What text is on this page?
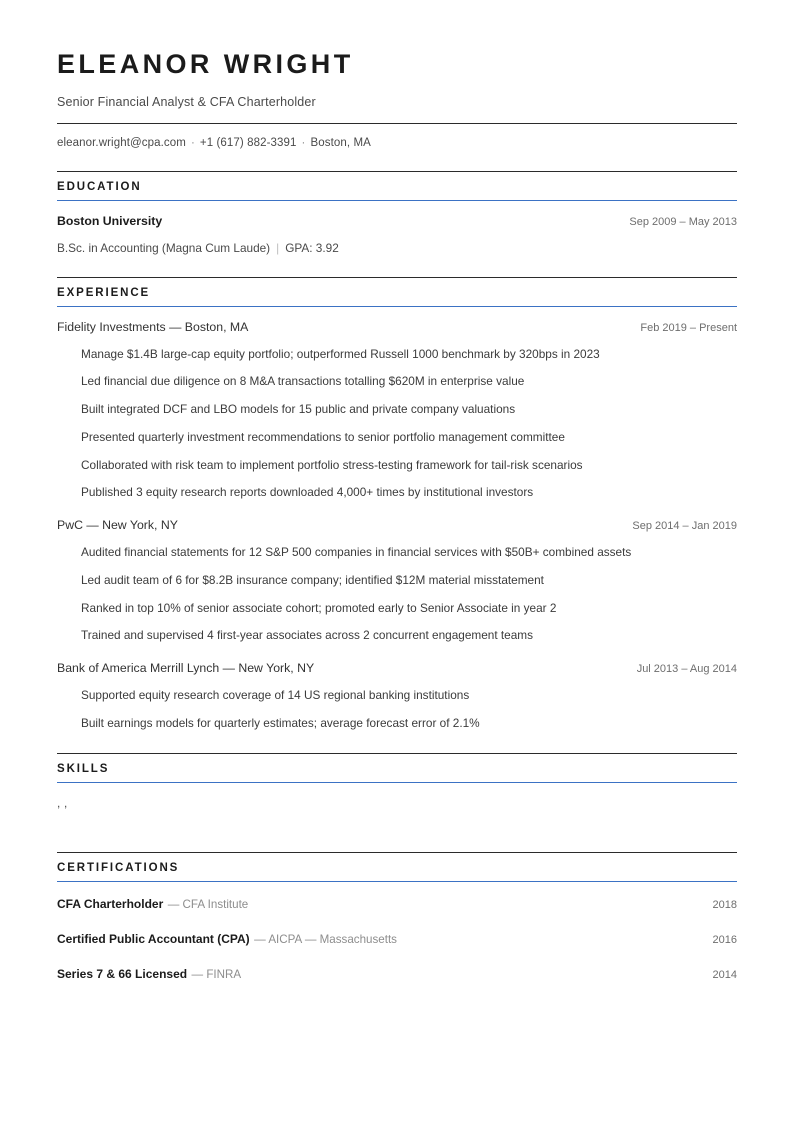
ELEANOR WRIGHT
Senior Financial Analyst & CFA Charterholder
eleanor.wright@cpa.com · +1 (617) 882-3391 · Boston, MA
EDUCATION
Boston University	Sep 2009 – May 2013
B.Sc. in Accounting (Magna Cum Laude) | GPA: 3.92
EXPERIENCE
Fidelity Investments — Boston, MA	Feb 2019 – Present
Manage $1.4B large-cap equity portfolio; outperformed Russell 1000 benchmark by 320bps in 2023
Led financial due diligence on 8 M&A transactions totalling $620M in enterprise value
Built integrated DCF and LBO models for 15 public and private company valuations
Presented quarterly investment recommendations to senior portfolio management committee
Collaborated with risk team to implement portfolio stress-testing framework for tail-risk scenarios
Published 3 equity research reports downloaded 4,000+ times by institutional investors
PwC — New York, NY	Sep 2014 – Jan 2019
Audited financial statements for 12 S&P 500 companies in financial services with $50B+ combined assets
Led audit team of 6 for $8.2B insurance company; identified $12M material misstatement
Ranked in top 10% of senior associate cohort; promoted early to Senior Associate in year 2
Trained and supervised 4 first-year associates across 2 concurrent engagement teams
Bank of America Merrill Lynch — New York, NY	Jul 2013 – Aug 2014
Supported equity research coverage of 14 US regional banking institutions
Built earnings models for quarterly estimates; average forecast error of 2.1%
SKILLS
, ,
CERTIFICATIONS
CFA Charterholder — CFA Institute	2018
Certified Public Accountant (CPA) — AICPA — Massachusetts	2016
Series 7 & 66 Licensed — FINRA	2014
